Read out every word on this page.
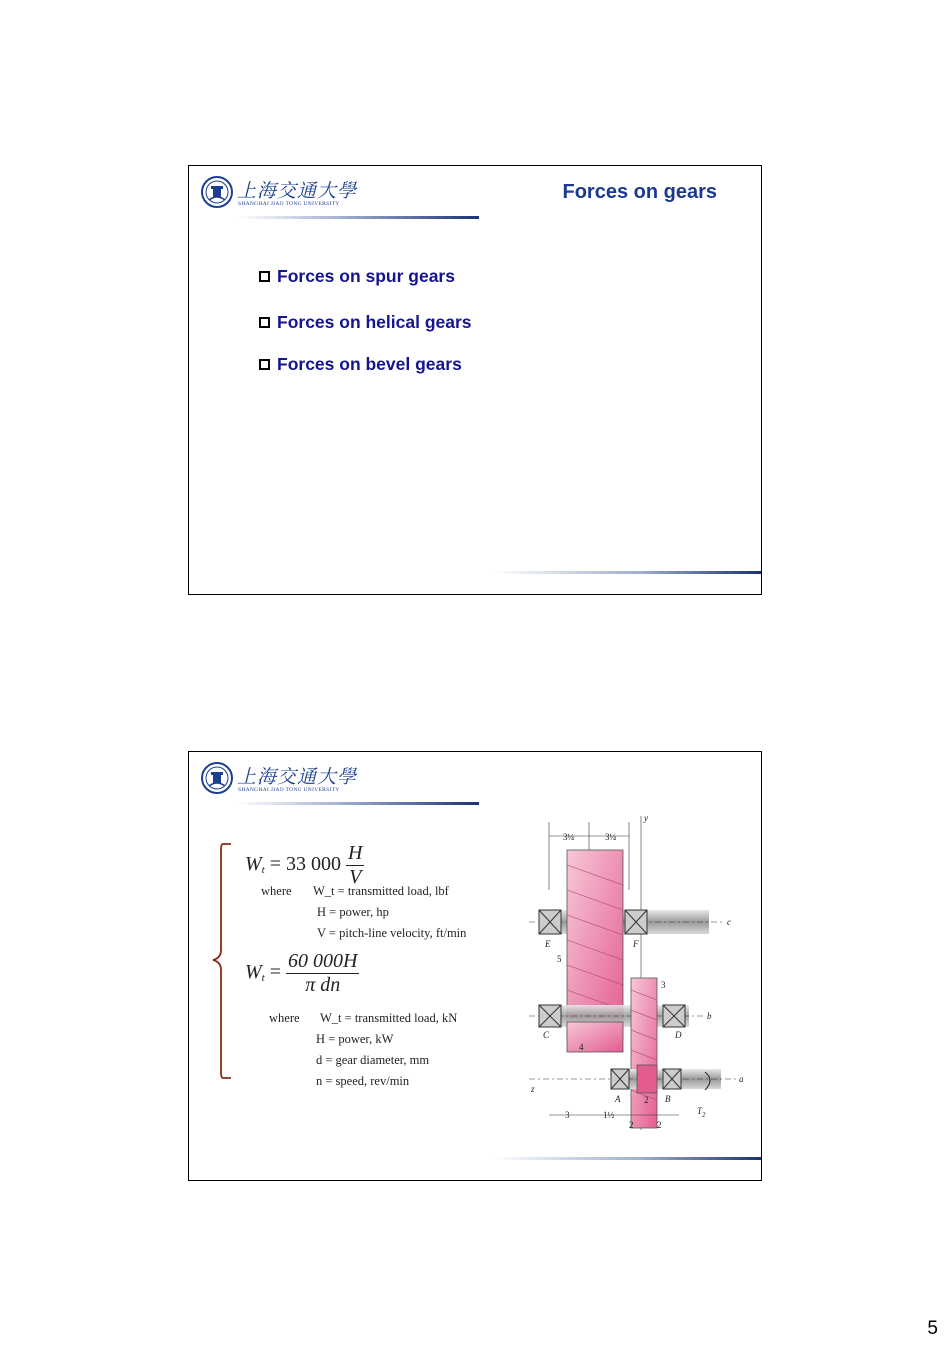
上海交通大學
SHANGHAI JIAO TONG UNIVERSITY
Forces on gears
Forces on spur gears
Forces on helical gears
Forces on bevel gears
上海交通大學
SHANGHAI JIAO TONG UNIVERSITY
$W_t = 33$ $000 \frac{H}{V}$
where W_t = transmitted load, lbf
H = power, hp
V = pitch-line velocity, ft/min
$W_t = \frac{60 000H}{\text{π dn}}$
where W_t = transmitted load, kN
H = power, kW
d = gear diameter, mm
n = speed, rev/min
3¼	3¼
y
c
E	F
5
b
C	D
4
3
a
z
A	B
2
$T_2$
3	1½
2	2
5
